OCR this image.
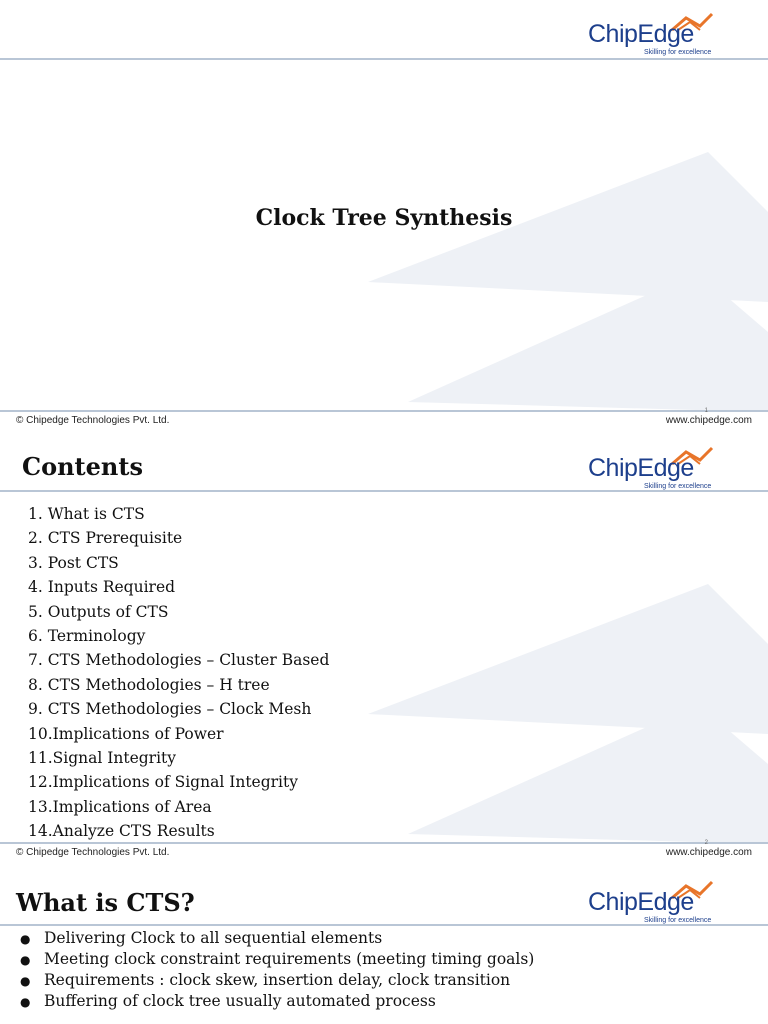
ChipEdge
Skilling for excellence
Clock Tree Synthesis
1
© Chipedge Technologies Pvt. Ltd.	www.chipedge.com
Contents	ChipEdge
Skilling for excellence
1. What is CTS
2. CTS Prerequisite
3. Post CTS
4. Inputs Required
5. Outputs of CTS
6. Terminology
7. CTS Methodologies – Cluster Based
8. CTS Methodologies – H tree
9. CTS Methodologies – Clock Mesh
10.Implications of Power
11.Signal Integrity
12.Implications of Signal Integrity
13.Implications of Area
14.Analyze CTS Results
2
© Chipedge Technologies Pvt. Ltd.	www.chipedge.com
What is CTS?	ChipEdge
Skilling for excellence
● Delivering Clock to all sequential elements
● Meeting clock constraint requirements (meeting timing goals)
● Requirements : clock skew, insertion delay, clock transition
● Buffering of clock tree usually automated process
